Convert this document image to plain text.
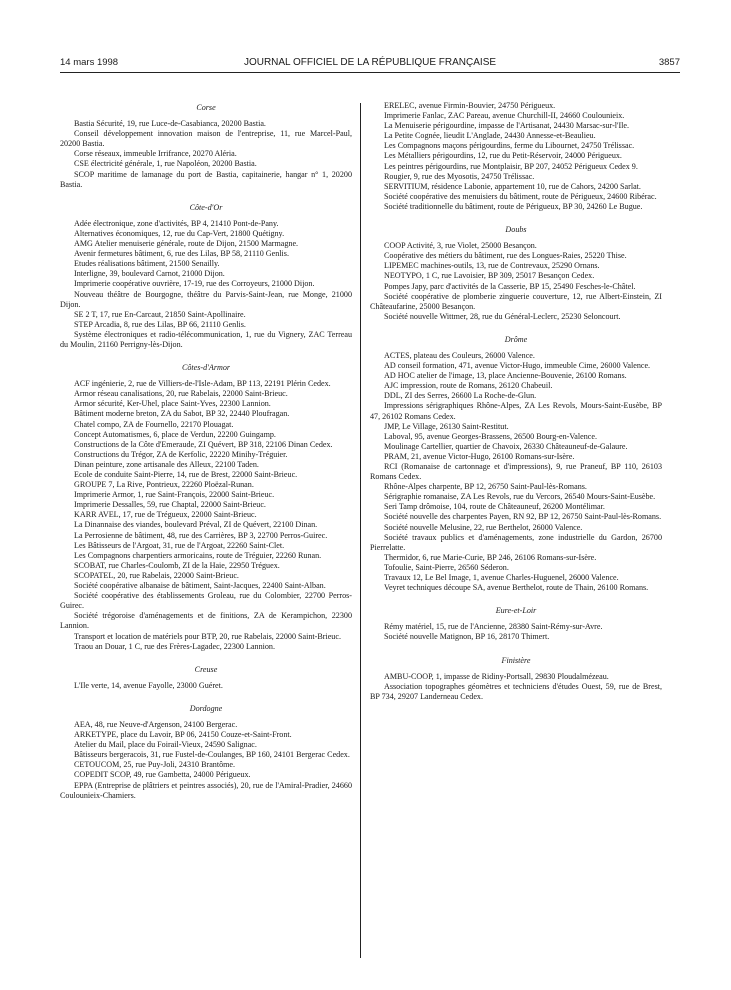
14 mars 1998	JOURNAL OFFICIEL DE LA RÉPUBLIQUE FRANÇAISE	3857
Corse

Bastia Sécurité, 19, rue Luce-de-Casabianca, 20200 Bastia.

Conseil développement innovation maison de l'entreprise, 11, rue Marcel-Paul, 20200 Bastia.

Corse réseaux, immeuble Irrifrance, 20270 Aléria.

CSE électricité générale, 1, rue Napoléon, 20200 Bastia.

SCOP maritime de lamanage du port de Bastia, capitainerie, hangar n° 1, 20200 Bastia.

Côte-d'Or

Adée électronique, zone d'activités, BP 4, 21410 Pont-de-Pany.

Alternatives économiques, 12, rue du Cap-Vert, 21800 Quétigny.

AMG Atelier menuiserie générale, route de Dijon, 21500 Marmagne.

Avenir fermetures bâtiment, 6, rue des Lilas, BP 58, 21110 Genlis.

Etudes réalisations bâtiment, 21500 Senailly.

Interligne, 39, boulevard Carnot, 21000 Dijon.

Imprimerie coopérative ouvrière, 17-19, rue des Corroyeurs, 21000 Dijon.

Nouveau théâtre de Bourgogne, théâtre du Parvis-Saint-Jean, rue Monge, 21000 Dijon.

SE 2 T, 17, rue En-Carcaut, 21850 Saint-Apollinaire.

STEP Arcadia, 8, rue des Lilas, BP 66, 21110 Genlis.

Système électroniques et radio-télécommunication, 1, rue du Vignery, ZAC Terreau du Moulin, 21160 Perrigny-lès-Dijon.

Côtes-d'Armor

ACF ingénierie, 2, rue de Villiers-de-l'Isle-Adam, BP 113, 22191 Plérin Cedex.

Armor réseau canalisations, 20, rue Rabelais, 22000 Saint-Brieuc.

Armor sécurité, Ker-Uhel, place Saint-Yves, 22300 Lannion.

Bâtiment moderne breton, ZA du Sabot, BP 32, 22440 Ploufragan.

Chatel compo, ZA de Fournello, 22170 Plouagat.

Concept Automatismes, 6, place de Verdun, 22200 Guingamp.

Constructions de la Côte d'Emeraude, ZI Quévert, BP 318, 22106 Dinan Cedex.

Constructions du Trégor, ZA de Kerfolic, 22220 Minihy-Tréguier.

Dinan peinture, zone artisanale des Alleux, 22100 Taden.

Ecole de conduite Saint-Pierre, 14, rue de Brest, 22000 Saint-Brieuc.

GROUPE 7, La Rive, Pontrieux, 22260 Ploëzal-Runan.

Imprimerie Armor, 1, rue Saint-François, 22000 Saint-Brieuc.

Imprimerie Dessalles, 59, rue Chaptal, 22000 Saint-Brieuc.

KARR AVEL, 17, rue de Trégueux, 22000 Saint-Brieuc.

La Dinannaise des viandes, boulevard Préval, ZI de Quévert, 22100 Dinan.

La Perrosienne de bâtiment, 48, rue des Carrières, BP 3, 22700 Perros-Guirec.

Les Bâtisseurs de l'Argoat, 31, rue de l'Argoat, 22260 Saint-Clet.

Les Compagnons charpentiers armoricains, route de Tréguier, 22260 Runan.

SCOBAT, rue Charles-Coulomb, ZI de la Haie, 22950 Tréguex.

SCOPATEL, 20, rue Rabelais, 22000 Saint-Brieuc.

Société coopérative albanaise de bâtiment, Saint-Jacques, 22400 Saint-Alban.

Société coopérative des établissements Groleau, rue du Colombier, 22700 Perros-Guirec.

Société trégoroise d'aménagements et de finitions, ZA de Kerampichon, 22300 Lannion.

Transport et location de matériels pour BTP, 20, rue Rabelais, 22000 Saint-Brieuc.

Traou an Douar, 1 C, rue des Frères-Lagadec, 22300 Lannion.

Creuse

L'Ile verte, 14, avenue Fayolle, 23000 Guéret.

Dordogne

AEA, 48, rue Neuve-d'Argenson, 24100 Bergerac.

ARKETYPE, place du Lavoir, BP 06, 24150 Couze-et-Saint-Front.

Atelier du Mail, place du Foirail-Vieux, 24590 Salignac.

Bâtisseurs bergeracois, 31, rue Fustel-de-Coulanges, BP 160, 24101 Bergerac Cedex.

CETOUCOM, 25, rue Puy-Joli, 24310 Brantôme.

COPEDIT SCOP, 49, rue Gambetta, 24000 Périgueux.

EPPA (Entreprise de plâtriers et peintres associés), 20, rue de l'Amiral-Pradier, 24660 Coulounieix-Chamiers.

ERELEC, avenue Firmin-Bouvier, 24750 Périgueux.

Imprimerie Fanlac, ZAC Pareau, avenue Churchill-II, 24660 Coulounieix.

La Menuiserie périgourdine, impasse de l'Artisanat, 24430 Marsac-sur-l'Ile.

La Petite Cognée, lieudit L'Anglade, 24430 Annesse-et-Beaulieu.

Les Compagnons maçons périgourdins, ferme du Libournet, 24750 Trélissac.

Les Métalliers périgourdins, 12, rue du Petit-Réservoir, 24000 Périgueux.

Les peintres périgourdins, rue Montplaisir, BP 207, 24052 Périgueux Cedex 9.

Rougier, 9, rue des Myosotis, 24750 Trélissac.

SERVITIUM, résidence Labonie, appartement 10, rue de Cahors, 24200 Sarlat.

Société coopérative des menuisiers du bâtiment, route de Périgueux, 24600 Ribérac.

Société traditionnelle du bâtiment, route de Périgueux, BP 30, 24260 Le Bugue.

Doubs

COOP Activité, 3, rue Violet, 25000 Besançon.

Coopérative des métiers du bâtiment, rue des Longues-Raies, 25220 Thise.

LIPEMEC machines-outils, 13, rue de Contrevaux, 25290 Ornans.

NEOTYPO, 1 C, rue Lavoisier, BP 309, 25017 Besançon Cedex.

Pompes Japy, parc d'activités de la Casserie, BP 15, 25490 Fesches-le-Châtel.

Société coopérative de plomberie zinguerie couverture, 12, rue Albert-Einstein, ZI Châteaufarine, 25000 Besançon.

Société nouvelle Wittmer, 28, rue du Général-Leclerc, 25230 Seloncourt.

Drôme

ACTES, plateau des Couleurs, 26000 Valence.

AD conseil formation, 471, avenue Victor-Hugo, immeuble Cime, 26000 Valence.

AD HOC atelier de l'image, 13, place Ancienne-Bouvenie, 26100 Romans.

AJC impression, route de Romans, 26120 Chabeuil.

DDL, ZI des Serres, 26600 La Roche-de-Glun.

Impressions sérigraphiques Rhône-Alpes, ZA Les Revols, Mours-Saint-Eusèbe, BP 47, 26102 Romans Cedex.

JMP, Le Village, 26130 Saint-Restitut.

Laboval, 95, avenue Georges-Brassens, 26500 Bourg-en-Valence.

Moulinage Cartellier, quartier de Chavoix, 26330 Châteauneuf-de-Galaure.

PRAM, 21, avenue Victor-Hugo, 26100 Romans-sur-Isère.

RCI (Romanaise de cartonnage et d'impressions), 9, rue Praneuf, BP 110, 26103 Romans Cedex.

Rhône-Alpes charpente, BP 12, 26750 Saint-Paul-lès-Romans.

Sérigraphie romanaise, ZA Les Revols, rue du Vercors, 26540 Mours-Saint-Eusèbe.

Seri Tamp drômoise, 104, route de Châteauneuf, 26200 Montélimar.

Société nouvelle des charpentes Payen, RN 92, BP 12, 26750 Saint-Paul-lès-Romans.

Société nouvelle Melusine, 22, rue Berthelot, 26000 Valence.

Société travaux publics et d'aménagements, zone industrielle du Gardon, 26700 Pierrelatte.

Thermidor, 6, rue Marie-Curie, BP 246, 26106 Romans-sur-Isère.

Tofoulie, Saint-Pierre, 26560 Séderon.

Travaux 12, Le Bel Image, 1, avenue Charles-Huguenel, 26000 Valence.

Veyret techniques découpe SA, avenue Berthelot, route de Thain, 26100 Romans.

Eure-et-Loir

Rémy matériel, 15, rue de l'Ancienne, 28380 Saint-Rémy-sur-Avre.

Société nouvelle Matignon, BP 16, 28170 Thimert.

Finistère

AMBU-COOP, 1, impasse de Ridiny-Portsall, 29830 Ploudalmézeau.

Association topographes géomètres et techniciens d'études Ouest, 59, rue de Brest, BP 734, 29207 Landerneau Cedex.
